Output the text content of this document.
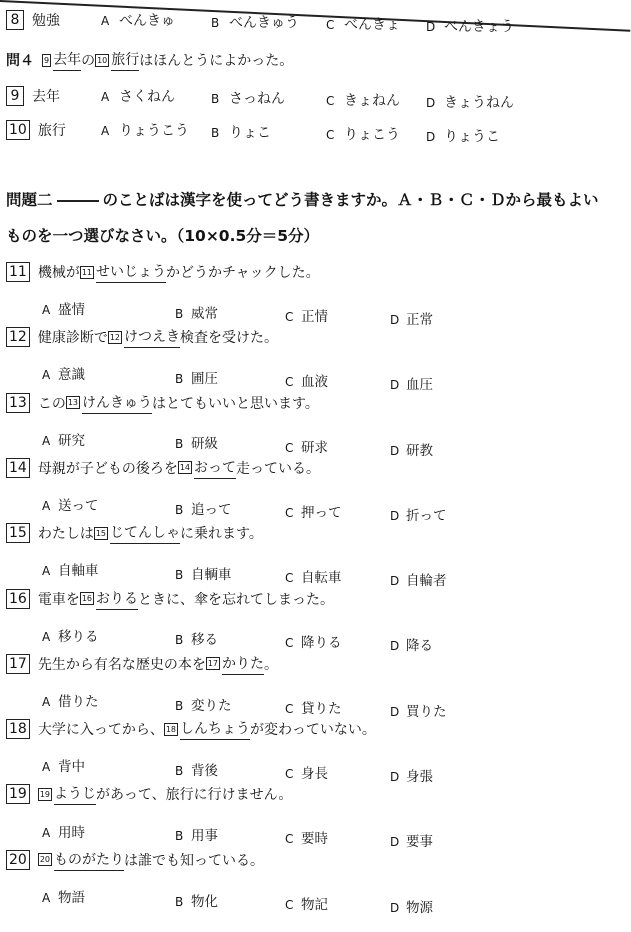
8 勉強	A べんきゅ	B べんきゅう C べんきょ D べんきょう
問４ 9 去年 の 10 旅行 はほんとうによかった。
9 去年	A さくねん	B さっねん	C きょねん D きょうねん
10 旅行	A りょうこう B りょこ	C りょこう D りょうこ
問題二	のことばは漢字を使ってどう書きますか。Ａ・Ｂ・Ｃ・Ｄから最もよい
ものを一つ選びなさい。（10×0.5分＝5分）
11 機械が 11 せいじょう かどうかチャックした。
A 盛情	B 威常	C 正情	D 正常
12 健康診断で 12 けつえき 検査を受けた。
A 意識	B 圃圧	C 血液	D 血圧
13 この 13 けんきゅう はとてもいいと思います。
A 研究	B 研級	C 研求	D 研教
14 母親が子どもの後ろを 14 おって 走っている。
A 送って	B 追って	C 押って	D 折って
15 わたしは 15 じてんしゃ に乗れます。
A 自軸車	B 自輌車	C 自転車	D 自輪者
16 電車を 16 おりる ときに、傘を忘れてしまった。
A 移りる	B 移る	C 降りる	D 降る
17 先生から有名な歴史の本を 17 かりた 。
A 借りた	B 変りた	C 貸りた	D 買りた
18 大学に入ってから、 18 しんちょう が変わっていない。
A 背中	B 背後	C 身長	D 身張
19	19 ようじ があって、旅行に行けません。
A 用時	B 用事	C 要時	D 要事
20	20 ものがたり は誰でも知っている。
A 物語	B 物化	C 物記	D 物源
